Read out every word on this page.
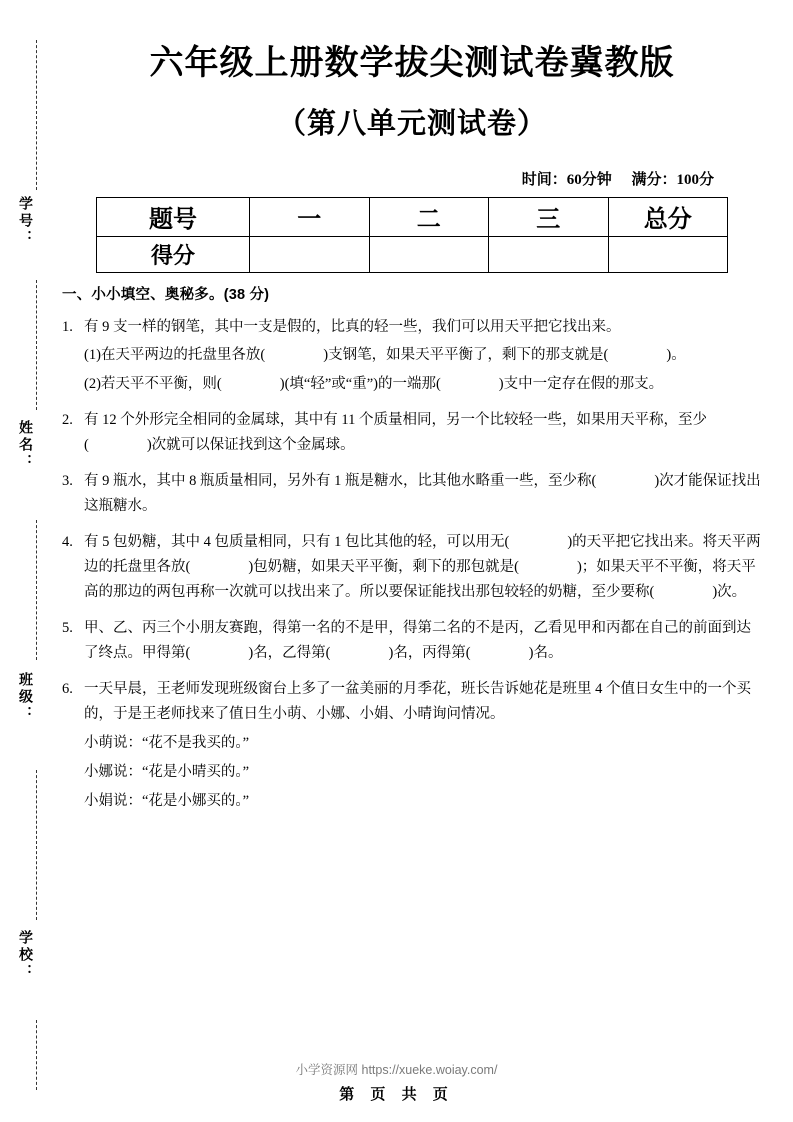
学号：
姓名：
班级：
学校：
六年级上册数学拔尖测试卷冀教版
（第八单元测试卷）
时间：60分钟 满分：100分
题号	一	二	三	总分
得分				
一、小小填空、奥秘多。(38 分)
1. 有 9 支一样的钢笔，其中一支是假的，比真的轻一些，我们可以用天平把它找出来。

(1)在天平两边的托盘里各放(　　　　)支钢笔，如果天平平衡了，剩下的那支就是(　　　　)。

(2)若天平不平衡，则(　　　　)(填“轻”或“重”)的一端那(　　　　)支中一定存在假的那支。

2. 有 12 个外形完全相同的金属球，其中有 11 个质量相同，另一个比较轻一些，如果用天平称，至少(　　　　)次就可以保证找到这个金属球。

3. 有 9 瓶水，其中 8 瓶质量相同，另外有 1 瓶是糖水，比其他水略重一些，至少称(　　　　)次才能保证找出这瓶糖水。

4. 有 5 包奶糖，其中 4 包质量相同，只有 1 包比其他的轻，可以用无(　　　　)的天平把它找出来。将天平两边的托盘里各放(　　　　)包奶糖，如果天平平衡，剩下的那包就是(　　　　)；如果天平不平衡，将天平高的那边的两包再称一次就可以找出来了。所以要保证能找出那包较轻的奶糖，至少要称(　　　　)次。

5. 甲、乙、丙三个小朋友赛跑，得第一名的不是甲，得第二名的不是丙，乙看见甲和丙都在自己的前面到达了终点。甲得第(　　　　)名，乙得第(　　　　)名，丙得第(　　　　)名。

6. 一天早晨，王老师发现班级窗台上多了一盆美丽的月季花，班长告诉她花是班里 4 个值日女生中的一个买的，于是王老师找来了值日生小萌、小娜、小娟、小晴询问情况。

小萌说：“花不是我买的。”

小娜说：“花是小晴买的。”

小娟说：“花是小娜买的。”

小学资源网 https://xueke.woiay.com/
第 页 共 页
